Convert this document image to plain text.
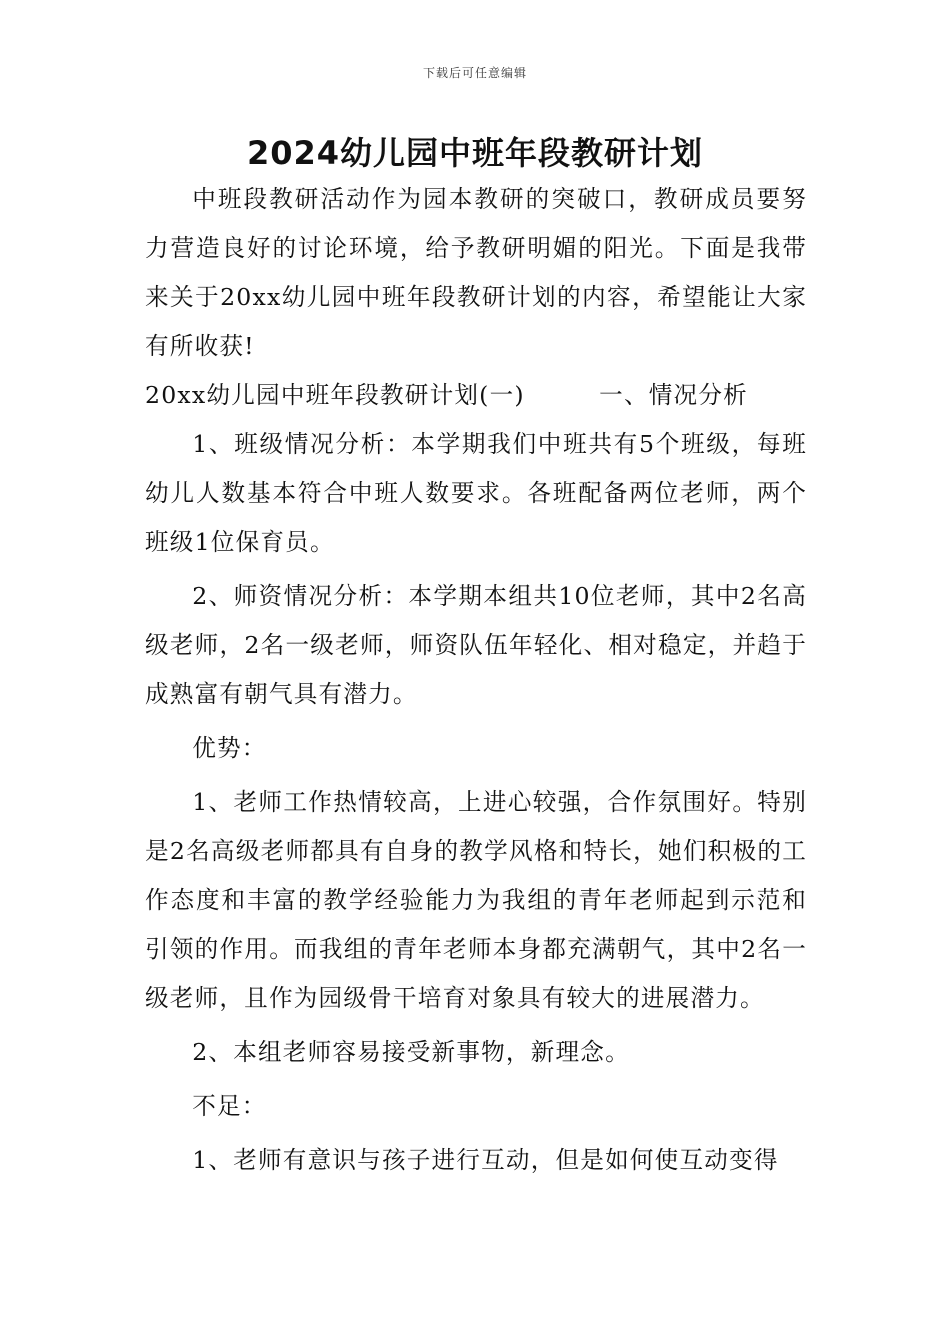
下载后可任意编辑
2024幼儿园中班年段教研计划

中班段教研活动作为园本教研的突破口，教研成员要努力营造良好的讨论环境，给予教研明媚的阳光。下面是我带来关于20xx幼儿园中班年段教研计划的内容，希望能让大家有所收获!

20xx幼儿园中班年段教研计划(一)　　　一、情况分析

1、班级情况分析：本学期我们中班共有5个班级，每班幼儿人数基本符合中班人数要求。各班配备两位老师，两个班级1位保育员。

2、师资情况分析：本学期本组共10位老师，其中2名高级老师，2名一级老师，师资队伍年轻化、相对稳定，并趋于成熟富有朝气具有潜力。

优势：

1、老师工作热情较高，上进心较强，合作氛围好。特别是2名高级老师都具有自身的教学风格和特长，她们积极的工作态度和丰富的教学经验能力为我组的青年老师起到示范和引领的作用。而我组的青年老师本身都充满朝气，其中2名一级老师，且作为园级骨干培育对象具有较大的进展潜力。

2、本组老师容易接受新事物，新理念。

不足：

1、老师有意识与孩子进行互动，但是如何使互动变得
